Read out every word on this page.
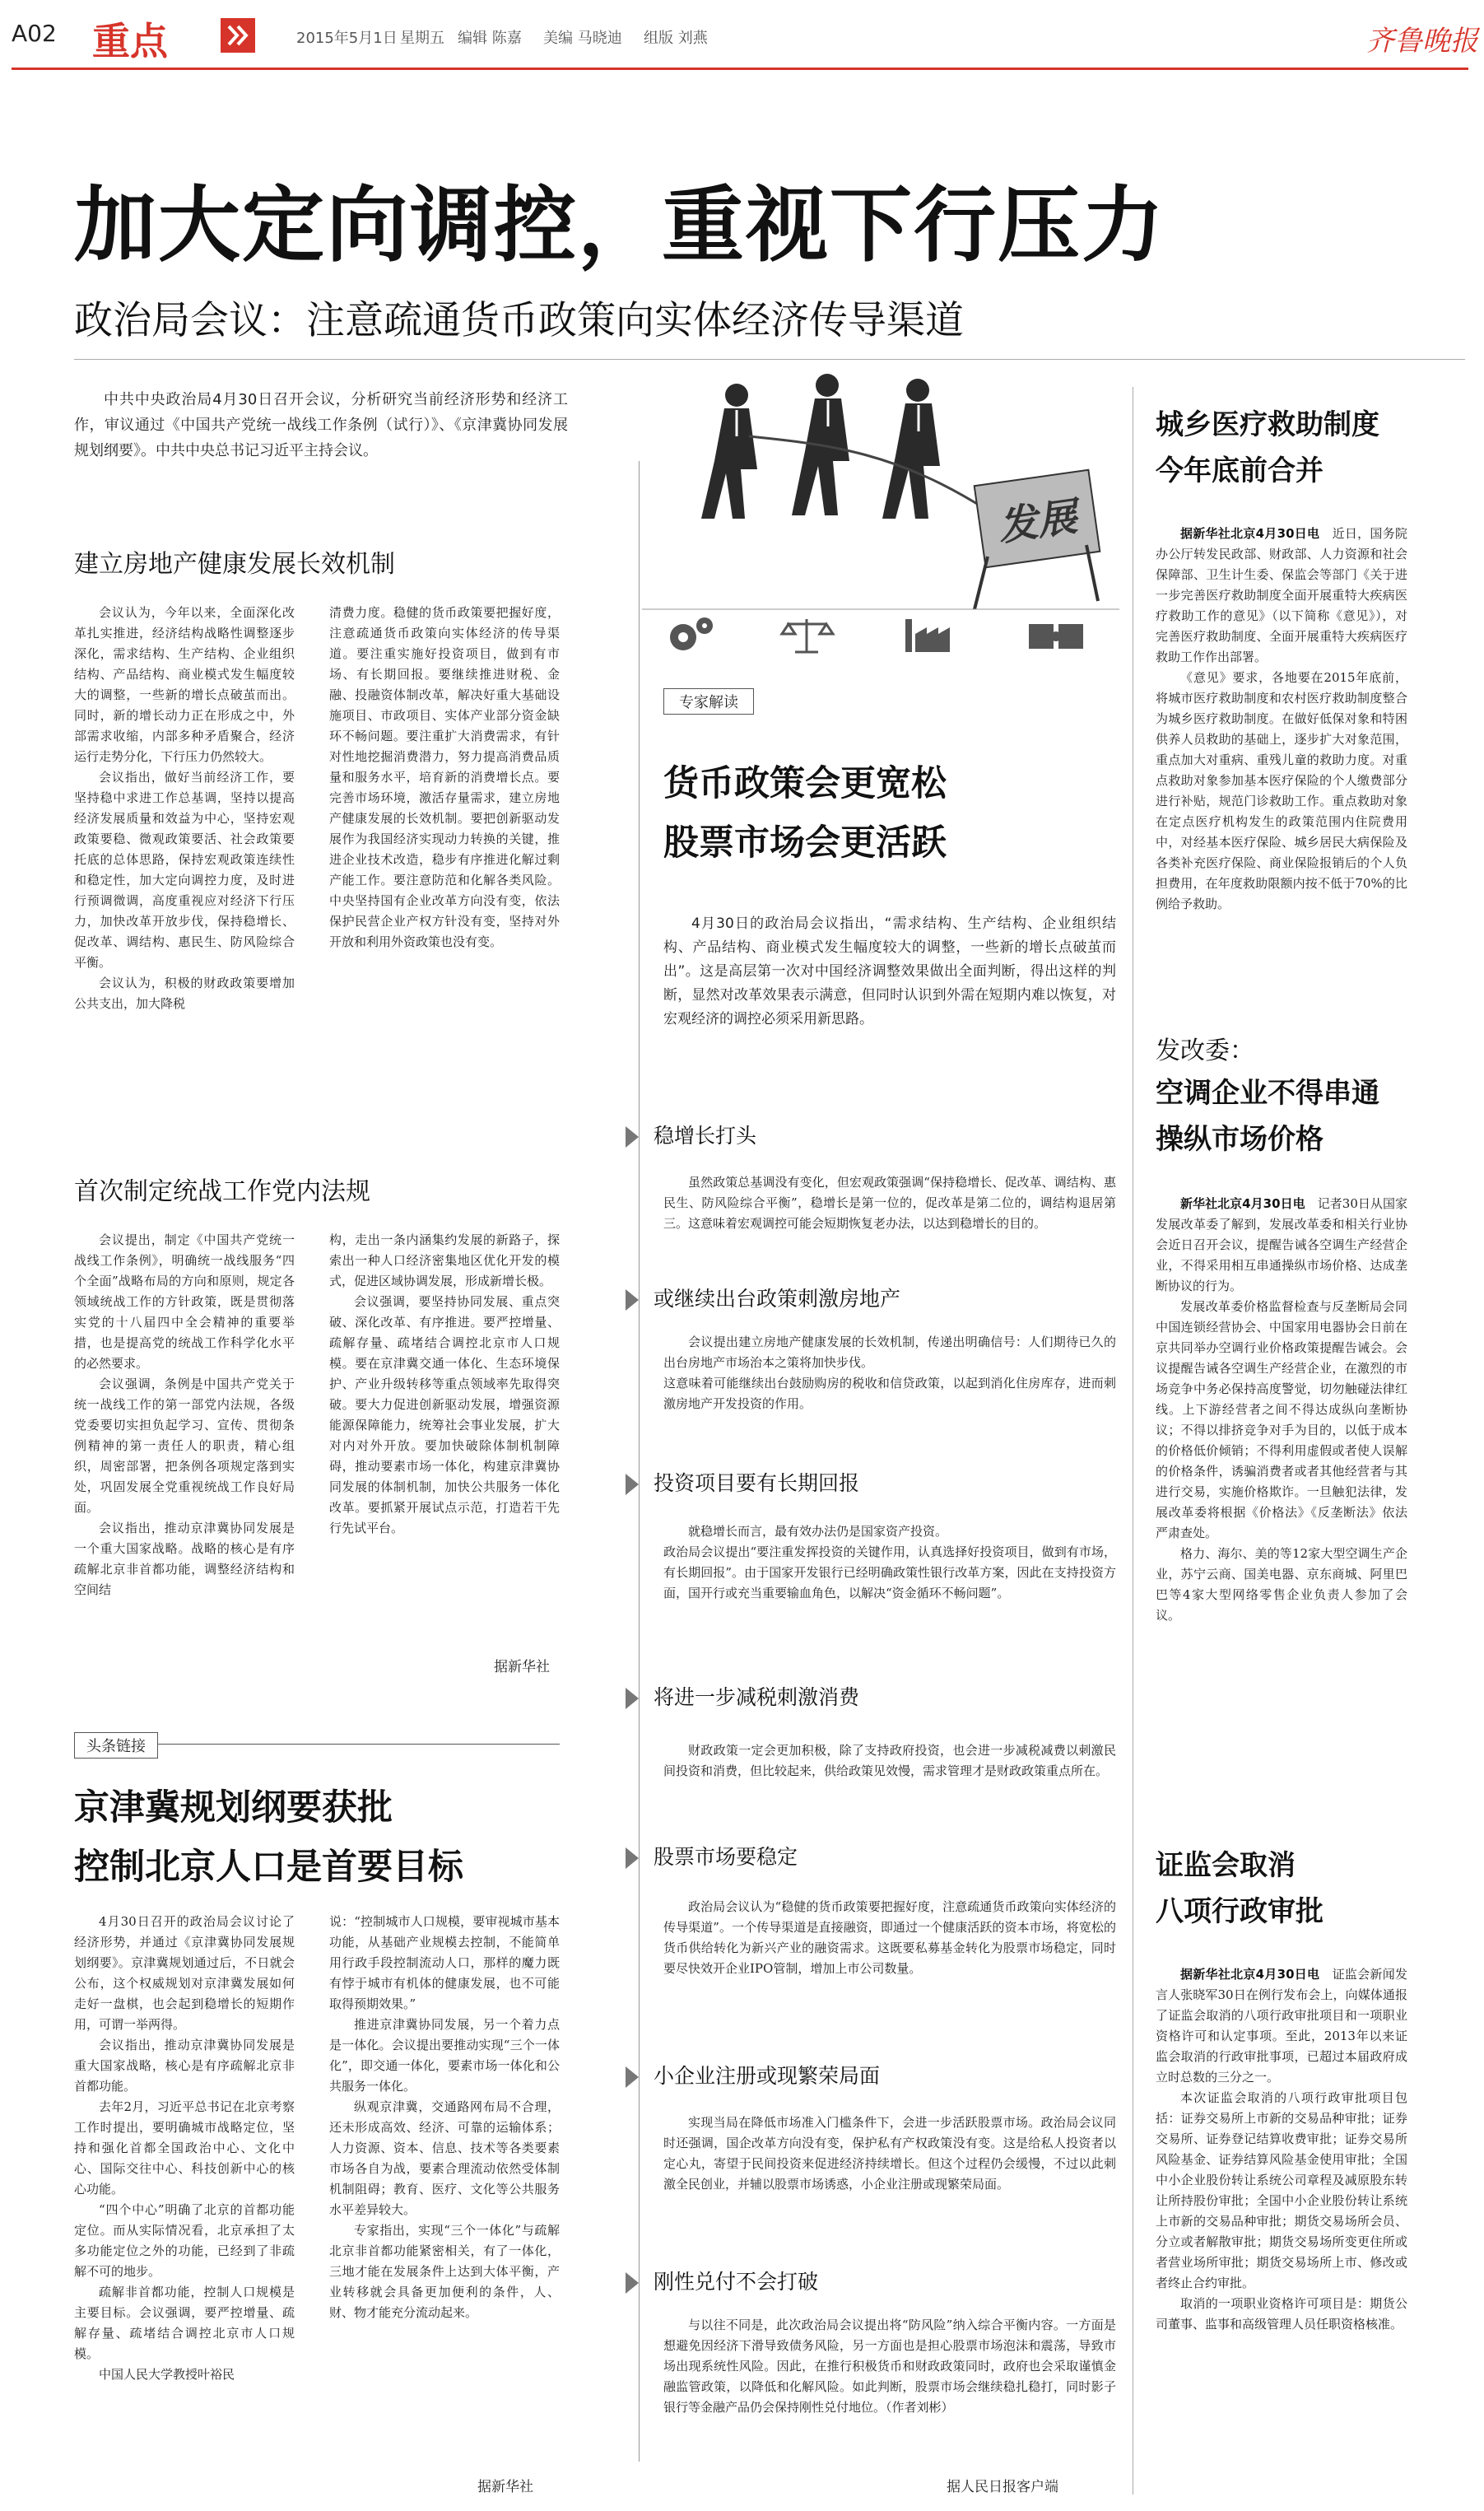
A02 重点	2015年5月1日 星期五 编辑 陈嘉 美编 马晓迪 组版 刘燕	齐鲁晚报
加大定向调控，重视下行压力
政治局会议：注意疏通货币政策向实体经济传导渠道
中共中央政治局4月30日召开会议，分析研究当前经济形势和经济工作，审议通过《中国共产党统一战线工作条例（试行）》、《京津冀协同发展规划纲要》。中共中央总书记习近平主持会议。
建立房地产健康发展长效机制

会议认为，今年以来，全面深化改革扎实推进，经济结构战略性调整逐步深化，需求结构、生产结构、企业组织结构、产品结构、商业模式发生幅度较大的调整，一些新的增长点破茧而出。同时，新的增长动力正在形成之中，外部需求收缩，内部多种矛盾聚合，经济运行走势分化，下行压力仍然较大。

会议指出，做好当前经济工作，要坚持稳中求进工作总基调，坚持以提高经济发展质量和效益为中心，坚持宏观政策要稳、微观政策要活、社会政策要托底的总体思路，保持宏观政策连续性和稳定性，加大定向调控力度，及时进行预调微调，高度重视应对经济下行压力，加快改革开放步伐，保持稳增长、促改革、调结构、惠民生、防风险综合平衡。

会议认为，积极的财政政策要增加公共支出，加大降税

清费力度。稳健的货币政策要把握好度，注意疏通货币政策向实体经济的传导渠道。要注重实施好投资项目，做到有市场、有长期回报。要继续推进财税、金融、投融资体制改革，解决好重大基础设施项目、市政项目、实体产业部分资金缺环不畅问题。要注重扩大消费需求，有针对性地挖掘消费潜力，努力提高消费品质量和服务水平，培育新的消费增长点。要完善市场环境，激活存量需求，建立房地产健康发展的长效机制。要把创新驱动发展作为我国经济实现动力转换的关键，推进企业技术改造，稳步有序推进化解过剩产能工作。要注意防范和化解各类风险。中央坚持国有企业改革方向没有变，依法保护民营企业产权方针没有变，坚持对外开放和利用外资政策也没有变。

首次制定统战工作党内法规

会议提出，制定《中国共产党统一战线工作条例》，明确统一战线服务“四个全面”战略布局的方向和原则，规定各领域统战工作的方针政策，既是贯彻落实党的十八届四中全会精神的重要举措，也是提高党的统战工作科学化水平的必然要求。

会议强调，条例是中国共产党关于统一战线工作的第一部党内法规，各级党委要切实担负起学习、宣传、贯彻条例精神的第一责任人的职责，精心组织，周密部署，把条例各项规定落到实处，巩固发展全党重视统战工作良好局面。

会议指出，推动京津冀协同发展是一个重大国家战略。战略的核心是有序疏解北京非首都功能，调整经济结构和空间结

构，走出一条内涵集约发展的新路子，探索出一种人口经济密集地区优化开发的模式，促进区域协调发展，形成新增长极。

会议强调，要坚持协同发展、重点突破、深化改革、有序推进。要严控增量、疏解存量、疏堵结合调控北京市人口规模。要在京津冀交通一体化、生态环境保护、产业升级转移等重点领域率先取得突破。要大力促进创新驱动发展，增强资源能源保障能力，统筹社会事业发展，扩大对内对外开放。要加快破除体制机制障碍，推动要素市场一体化，构建京津冀协同发展的体制机制，加快公共服务一体化改革。要抓紧开展试点示范，打造若干先行先试平台。

据新华社
头条链接
京津冀规划纲要获批
控制北京人口是首要目标

4月30日召开的政治局会议讨论了经济形势，并通过《京津冀协同发展规划纲要》。京津冀规划通过后，不日就会公布，这个权威规划对京津冀发展如何走好一盘棋，也会起到稳增长的短期作用，可谓一举两得。

会议指出，推动京津冀协同发展是重大国家战略，核心是有序疏解北京非首都功能。

去年2月，习近平总书记在北京考察工作时提出，要明确城市战略定位，坚持和强化首都全国政治中心、文化中心、国际交往中心、科技创新中心的核心功能。

“四个中心”明确了北京的首都功能定位。而从实际情况看，北京承担了太多功能定位之外的功能，已经到了非疏解不可的地步。

疏解非首都功能，控制人口规模是主要目标。会议强调，要严控增量、疏解存量、疏堵结合调控北京市人口规模。

中国人民大学教授叶裕民

说：“控制城市人口规模，要审视城市基本功能，从基础产业规模去控制，不能简单用行政手段控制流动人口，那样的魔力既有悖于城市有机体的健康发展，也不可能取得预期效果。”

推进京津冀协同发展，另一个着力点是一体化。会议提出要推动实现“三个一体化”，即交通一体化，要素市场一体化和公共服务一体化。

纵观京津冀，交通路网布局不合理，还未形成高效、经济、可靠的运输体系；人力资源、资本、信息、技术等各类要素市场各自为战，要素合理流动依然受体制机制阻碍；教育、医疗、文化等公共服务水平差异较大。

专家指出，实现“三个一体化”与疏解北京非首都功能紧密相关，有了一体化，三地才能在发展条件上达到大体平衡，产业转移就会具备更加便利的条件，人、财、物才能充分流动起来。

据新华社
发展
专家解读
货币政策会更宽松
股票市场会更活跃

4月30日的政治局会议指出，“需求结构、生产结构、企业组织结构、产品结构、商业模式发生幅度较大的调整，一些新的增长点破茧而出”。这是高层第一次对中国经济调整效果做出全面判断，得出这样的判断，显然对改革效果表示满意，但同时认识到外需在短期内难以恢复，对宏观经济的调控必须采用新思路。

稳增长打头

虽然政策总基调没有变化，但宏观政策强调“保持稳增长、促改革、调结构、惠民生、防风险综合平衡”，稳增长是第一位的，促改革是第二位的，调结构退居第三。这意味着宏观调控可能会短期恢复老办法，以达到稳增长的目的。

或继续出台政策刺激房地产

会议提出建立房地产健康发展的长效机制，传递出明确信号：人们期待已久的出台房地产市场治本之策将加快步伐。
这意味着可能继续出台鼓励购房的税收和信贷政策，以起到消化住房库存，进而刺激房地产开发投资的作用。

投资项目要有长期回报

就稳增长而言，最有效办法仍是国家资产投资。
政治局会议提出“要注重发挥投资的关键作用，认真选择好投资项目，做到有市场，有长期回报”。由于国家开发银行已经明确政策性银行改革方案，因此在支持投资方面，国开行或充当重要输血角色，以解决“资金循环不畅问题”。

将进一步减税刺激消费

财政政策一定会更加积极，除了支持政府投资，也会进一步减税减费以刺激民间投资和消费，但比较起来，供给政策见效慢，需求管理才是财政政策重点所在。

股票市场要稳定

政治局会议认为“稳健的货币政策要把握好度，注意疏通货币政策向实体经济的传导渠道”。一个传导渠道是直接融资，即通过一个健康活跃的资本市场，将宽松的货币供给转化为新兴产业的融资需求。这既要私募基金转化为股票市场稳定，同时要尽快效开企业IPO管制，增加上市公司数量。

小企业注册或现繁荣局面

实现当局在降低市场准入门槛条件下，会进一步活跃股票市场。政治局会议同时还强调，国企改革方向没有变，保护私有产权政策没有变。这是给私人投资者以定心丸，寄望于民间投资来促进经济持续增长。但这个过程仍会缓慢，不过以此刺激全民创业，并辅以股票市场诱惑，小企业注册或现繁荣局面。

刚性兑付不会打破

与以往不同是，此次政治局会议提出将“防风险”纳入综合平衡内容。一方面是想避免因经济下滑导致债务风险，另一方面也是担心股票市场泡沫和震荡，导致市场出现系统性风险。因此，在推行积极货币和财政政策同时，政府也会采取谨慎金融监管政策，以降低和化解风险。如此判断，股票市场会继续稳扎稳打，同时影子银行等金融产品仍会保持刚性兑付地位。（作者刘彬）

据人民日报客户端
城乡医疗救助制度
今年底前合并

据新华社北京4月30日电　 近日，国务院办公厅转发民政部、财政部、人力资源和社会保障部、卫生计生委、保监会等部门《关于进一步完善医疗救助制度全面开展重特大疾病医疗救助工作的意见》（以下简称《意见》），对完善医疗救助制度、全面开展重特大疾病医疗救助工作作出部署。

《意见》要求，各地要在2015年底前，将城市医疗救助制度和农村医疗救助制度整合为城乡医疗救助制度。在做好低保对象和特困供养人员救助的基础上，逐步扩大对象范围，重点加大对重病、重残儿童的救助力度。对重点救助对象参加基本医疗保险的个人缴费部分进行补贴，规范门诊救助工作。重点救助对象在定点医疗机构发生的政策范围内住院费用中，对经基本医疗保险、城乡居民大病保险及各类补充医疗保险、商业保险报销后的个人负担费用，在年度救助限额内按不低于70%的比例给予救助。

发改委：
空调企业不得串通
操纵市场价格

新华社北京4月30日电　 记者30日从国家发展改革委了解到，发展改革委和相关行业协会近日召开会议，提醒告诫各空调生产经营企业，不得采用相互串通操纵市场价格、达成垄断协议的行为。

发展改革委价格监督检查与反垄断局会同中国连锁经营协会、中国家用电器协会日前在京共同举办空调行业价格政策提醒告诫会。会议提醒告诫各空调生产经营企业，在激烈的市场竞争中务必保持高度警觉，切勿触碰法律红线。上下游经营者之间不得达成纵向垄断协议；不得以排挤竞争对手为目的，以低于成本的价格低价倾销；不得利用虚假或者使人误解的价格条件，诱骗消费者或者其他经营者与其进行交易，实施价格欺诈。一旦触犯法律，发展改革委将根据《价格法》《反垄断法》依法严肃查处。

格力、海尔、美的等12家大型空调生产企业，苏宁云商、国美电器、京东商城、阿里巴巴等4家大型网络零售企业负责人参加了会议。

证监会取消
八项行政审批

据新华社北京4月30日电　 证监会新闻发言人张晓军30日在例行发布会上，向媒体通报了证监会取消的八项行政审批项目和一项职业资格许可和认定事项。至此，2013年以来证监会取消的行政审批事项，已超过本届政府成立时总数的三分之一。

本次证监会取消的八项行政审批项目包括：证券交易所上市新的交易品种审批；证券交易所、证券登记结算收费审批；证券交易所风险基金、证券结算风险基金使用审批；全国中小企业股份转让系统公司章程及减原股东转让所持股份审批；全国中小企业股份转让系统上市新的交易品种审批；期货交易场所会员、分立或者解散审批；期货交易场所变更住所或者营业场所审批；期货交易场所上市、修改或者终止合约审批。

取消的一项职业资格许可项目是：期货公司董事、监事和高级管理人员任职资格核准。
